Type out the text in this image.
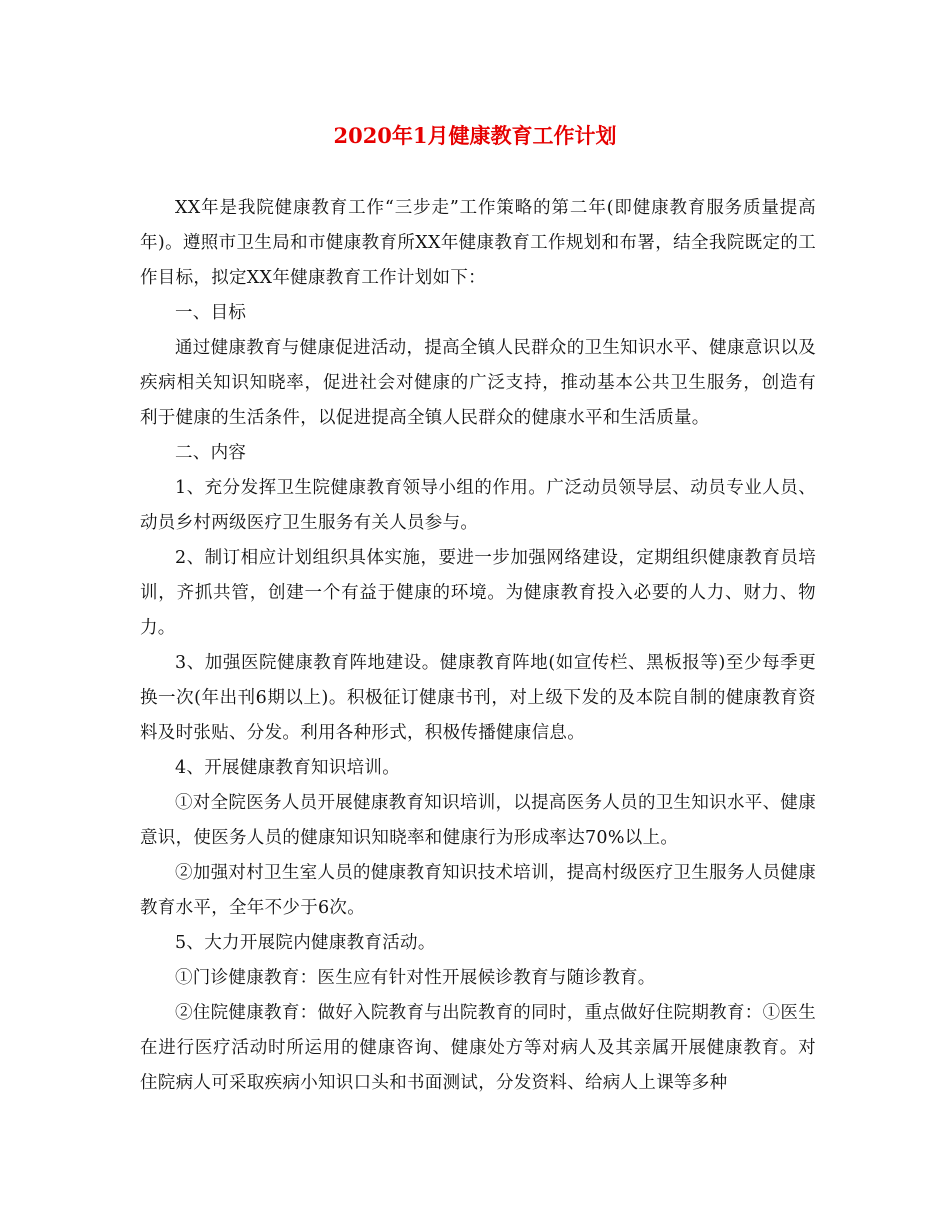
2020年1月健康教育工作计划

XX年是我院健康教育工作“三步走”工作策略的第二年(即健康教育服务质量提高年)。遵照市卫生局和市健康教育所XX年健康教育工作规划和布署，结全我院既定的工作目标，拟定XX年健康教育工作计划如下：

一、目标

通过健康教育与健康促进活动，提高全镇人民群众的卫生知识水平、健康意识以及疾病相关知识知晓率，促进社会对健康的广泛支持，推动基本公共卫生服务，创造有利于健康的生活条件，以促进提高全镇人民群众的健康水平和生活质量。

二、内容

1、充分发挥卫生院健康教育领导小组的作用。广泛动员领导层、动员专业人员、动员乡村两级医疗卫生服务有关人员参与。

2、制订相应计划组织具体实施，要进一步加强网络建设，定期组织健康教育员培训，齐抓共管，创建一个有益于健康的环境。为健康教育投入必要的人力、财力、物力。

3、加强医院健康教育阵地建设。健康教育阵地(如宣传栏、黑板报等)至少每季更换一次(年出刊6期以上)。积极征订健康书刊，对上级下发的及本院自制的健康教育资料及时张贴、分发。利用各种形式，积极传播健康信息。

4、开展健康教育知识培训。

①对全院医务人员开展健康教育知识培训，以提高医务人员的卫生知识水平、健康意识，使医务人员的健康知识知晓率和健康行为形成率达70%以上。

②加强对村卫生室人员的健康教育知识技术培训，提高村级医疗卫生服务人员健康教育水平，全年不少于6次。

5、大力开展院内健康教育活动。

①门诊健康教育：医生应有针对性开展候诊教育与随诊教育。

②住院健康教育：做好入院教育与出院教育的同时，重点做好住院期教育：①医生在进行医疗活动时所运用的健康咨询、健康处方等对病人及其亲属开展健康教育。对住院病人可采取疾病小知识口头和书面测试，分发资料、给病人上课等多种
